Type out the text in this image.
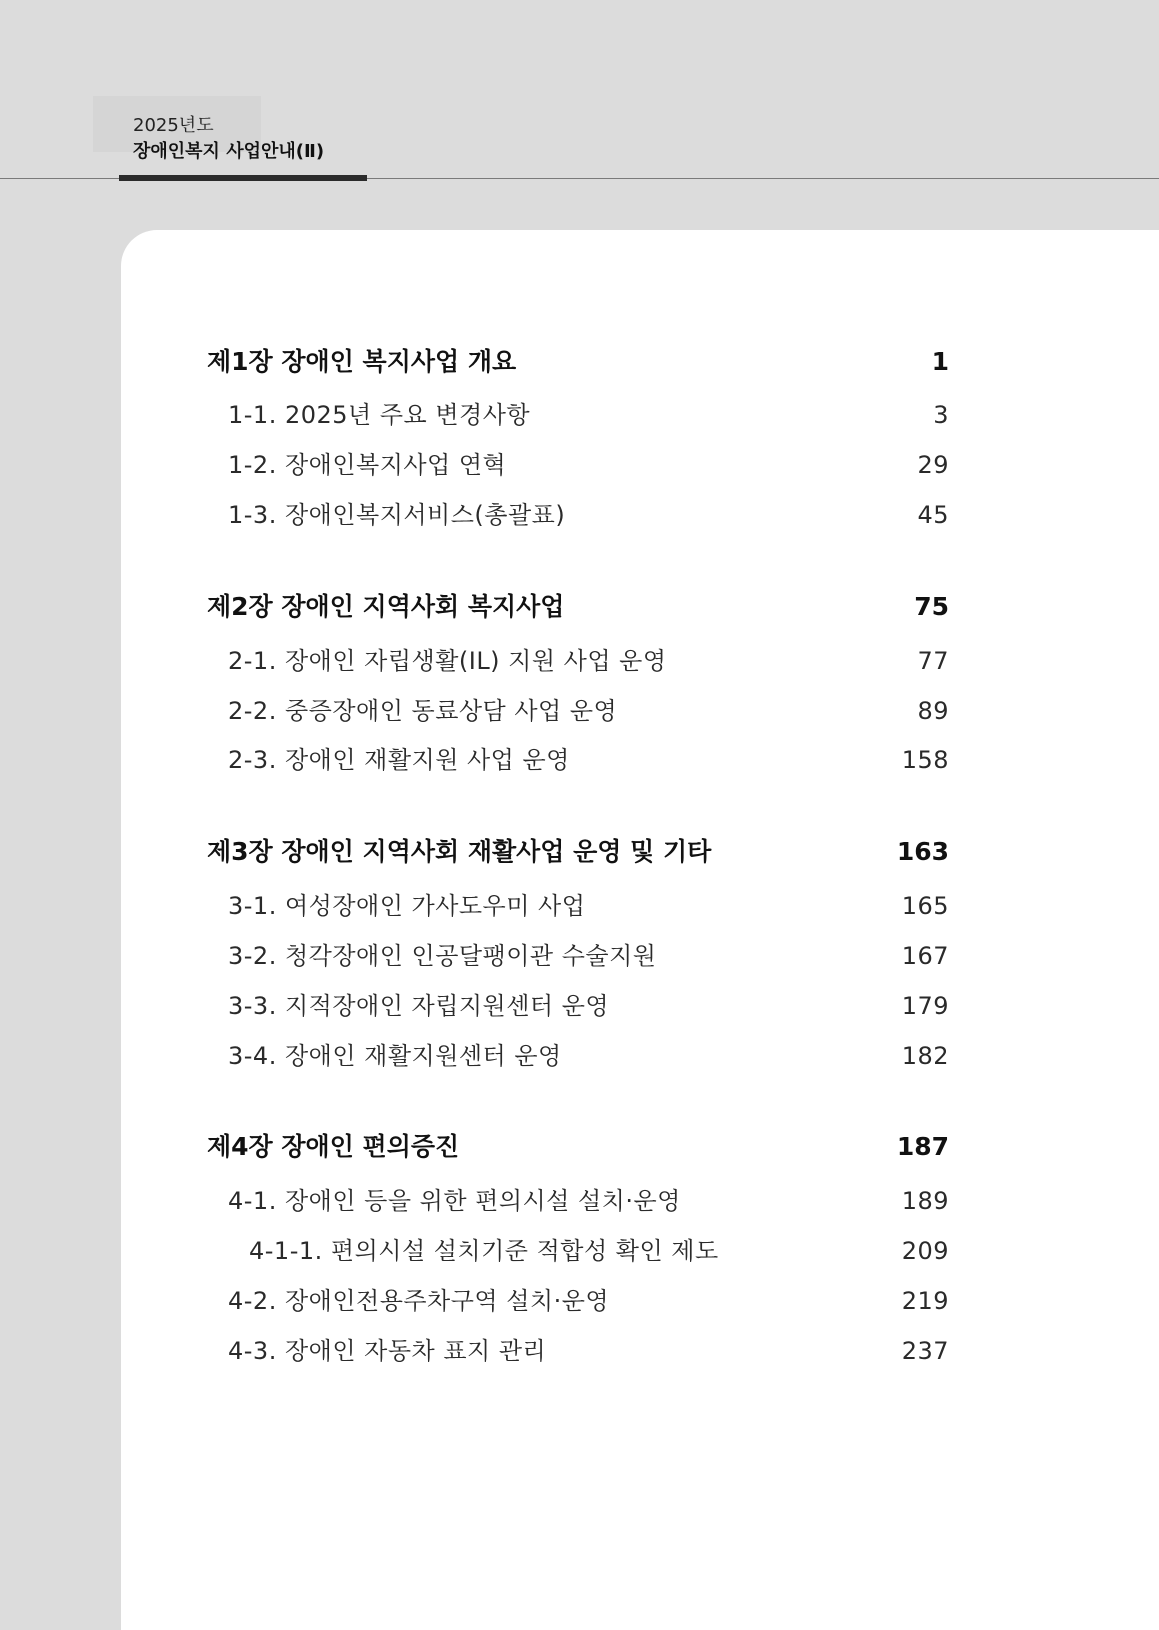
2025년도
장애인복지 사업안내(Ⅱ)
제1장 장애인 복지사업 개요	1
1-1. 2025년 주요 변경사항	3
1-2. 장애인복지사업 연혁	29
1-3. 장애인복지서비스(총괄표)	45
제2장 장애인 지역사회 복지사업	75
2-1. 장애인 자립생활(IL) 지원 사업 운영	77
2-2. 중증장애인 동료상담 사업 운영	89
2-3. 장애인 재활지원 사업 운영	158
제3장 장애인 지역사회 재활사업 운영 및 기타	163
3-1. 여성장애인 가사도우미 사업	165
3-2. 청각장애인 인공달팽이관 수술지원	167
3-3. 지적장애인 자립지원센터 운영	179
3-4. 장애인 재활지원센터 운영	182
제4장 장애인 편의증진	187
4-1. 장애인 등을 위한 편의시설 설치·운영	189
4-1-1. 편의시설 설치기준 적합성 확인 제도	209
4-2. 장애인전용주차구역 설치·운영	219
4-3. 장애인 자동차 표지 관리	237
